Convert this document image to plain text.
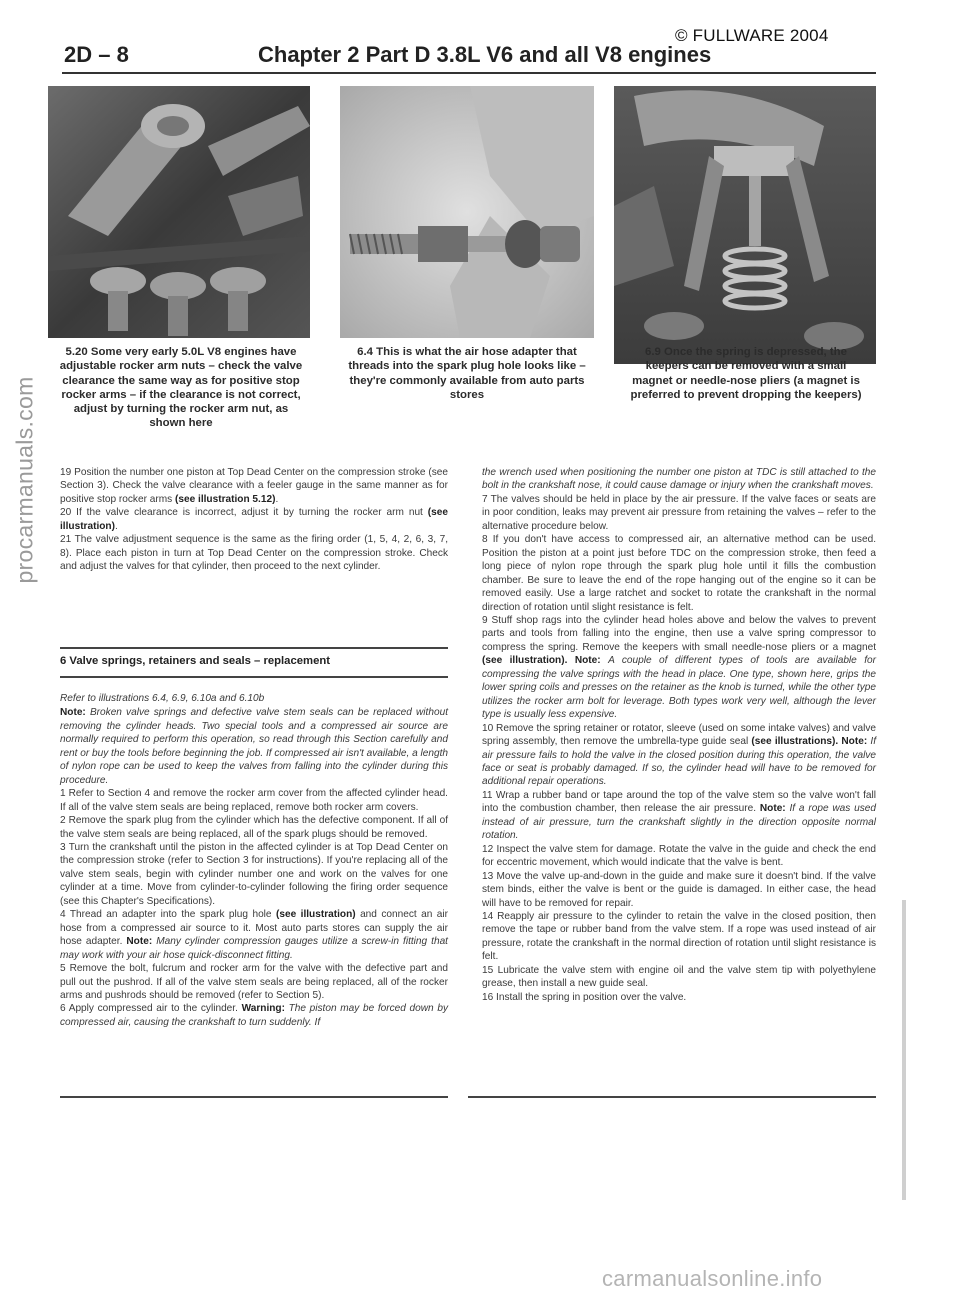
© FULLWARE 2004
2D – 8	Chapter 2 Part D 3.8L V6 and all V8 engines
5.20 Some very early 5.0L V8 engines have adjustable rocker arm nuts – check the valve clearance the same way as for positive stop rocker arms – if the clearance is not correct, adjust by turning the rocker arm nut, as shown here
6.4 This is what the air hose adapter that threads into the spark plug hole looks like – they're commonly available from auto parts stores
6.9 Once the spring is depressed, the keepers can be removed with a small magnet or needle-nose pliers (a magnet is preferred to prevent dropping the keepers)

19 Position the number one piston at Top Dead Center on the compression stroke (see Section 3). Check the valve clearance with a feeler gauge in the same manner as for positive stop rocker arms (see illustration 5.12).

20 If the valve clearance is incorrect, adjust it by turning the rocker arm nut (see illustration).

21 The valve adjustment sequence is the same as the firing order (1, 5, 4, 2, 6, 3, 7, 8). Place each piston in turn at Top Dead Center on the compression stroke. Check and adjust the valves for that cylinder, then proceed to the next cylinder.

6 Valve springs, retainers and seals – replacement

Refer to illustrations 6.4, 6.9, 6.10a and 6.10b

Note: Broken valve springs and defective valve stem seals can be replaced without removing the cylinder heads. Two special tools and a compressed air source are normally required to perform this operation, so read through this Section carefully and rent or buy the tools before beginning the job. If compressed air isn't available, a length of nylon rope can be used to keep the valves from falling into the cylinder during this procedure.

1 Refer to Section 4 and remove the rocker arm cover from the affected cylinder head. If all of the valve stem seals are being replaced, remove both rocker arm covers.

2 Remove the spark plug from the cylinder which has the defective component. If all of the valve stem seals are being replaced, all of the spark plugs should be removed.

3 Turn the crankshaft until the piston in the affected cylinder is at Top Dead Center on the compression stroke (refer to Section 3 for instructions). If you're replacing all of the valve stem seals, begin with cylinder number one and work on the valves for one cylinder at a time. Move from cylinder-to-cylinder following the firing order sequence (see this Chapter's Specifications).

4 Thread an adapter into the spark plug hole (see illustration) and connect an air hose from a compressed air source to it. Most auto parts stores can supply the air hose adapter. Note: Many cylinder compression gauges utilize a screw-in fitting that may work with your air hose quick-disconnect fitting.

5 Remove the bolt, fulcrum and rocker arm for the valve with the defective part and pull out the pushrod. If all of the valve stem seals are being replaced, all of the rocker arms and pushrods should be removed (refer to Section 5).

6 Apply compressed air to the cylinder. Warning: The piston may be forced down by compressed air, causing the crankshaft to turn suddenly. If

the wrench used when positioning the number one piston at TDC is still attached to the bolt in the crankshaft nose, it could cause damage or injury when the crankshaft moves.

7 The valves should be held in place by the air pressure. If the valve faces or seats are in poor condition, leaks may prevent air pressure from retaining the valves – refer to the alternative procedure below.

8 If you don't have access to compressed air, an alternative method can be used. Position the piston at a point just before TDC on the compression stroke, then feed a long piece of nylon rope through the spark plug hole until it fills the combustion chamber. Be sure to leave the end of the rope hanging out of the engine so it can be removed easily. Use a large ratchet and socket to rotate the crankshaft in the normal direction of rotation until slight resistance is felt.

9 Stuff shop rags into the cylinder head holes above and below the valves to prevent parts and tools from falling into the engine, then use a valve spring compressor to compress the spring. Remove the keepers with small needle-nose pliers or a magnet (see illustration). Note: A couple of different types of tools are available for compressing the valve springs with the head in place. One type, shown here, grips the lower spring coils and presses on the retainer as the knob is turned, while the other type utilizes the rocker arm bolt for leverage. Both types work very well, although the lever type is usually less expensive.

10 Remove the spring retainer or rotator, sleeve (used on some intake valves) and valve spring assembly, then remove the umbrella-type guide seal (see illustrations). Note: If air pressure fails to hold the valve in the closed position during this operation, the valve face or seat is probably damaged. If so, the cylinder head will have to be removed for additional repair operations.

11 Wrap a rubber band or tape around the top of the valve stem so the valve won't fall into the combustion chamber, then release the air pressure. Note: If a rope was used instead of air pressure, turn the crankshaft slightly in the direction opposite normal rotation.

12 Inspect the valve stem for damage. Rotate the valve in the guide and check the end for eccentric movement, which would indicate that the valve is bent.

13 Move the valve up-and-down in the guide and make sure it doesn't bind. If the valve stem binds, either the valve is bent or the guide is damaged. In either case, the head will have to be removed for repair.

14 Reapply air pressure to the cylinder to retain the valve in the closed position, then remove the tape or rubber band from the valve stem. If a rope was used instead of air pressure, rotate the crankshaft in the normal direction of rotation until slight resistance is felt.

15 Lubricate the valve stem with engine oil and the valve stem tip with polyethylene grease, then install a new guide seal.

16 Install the spring in position over the valve.

procarmanuals.com
carmanualsonline.info
